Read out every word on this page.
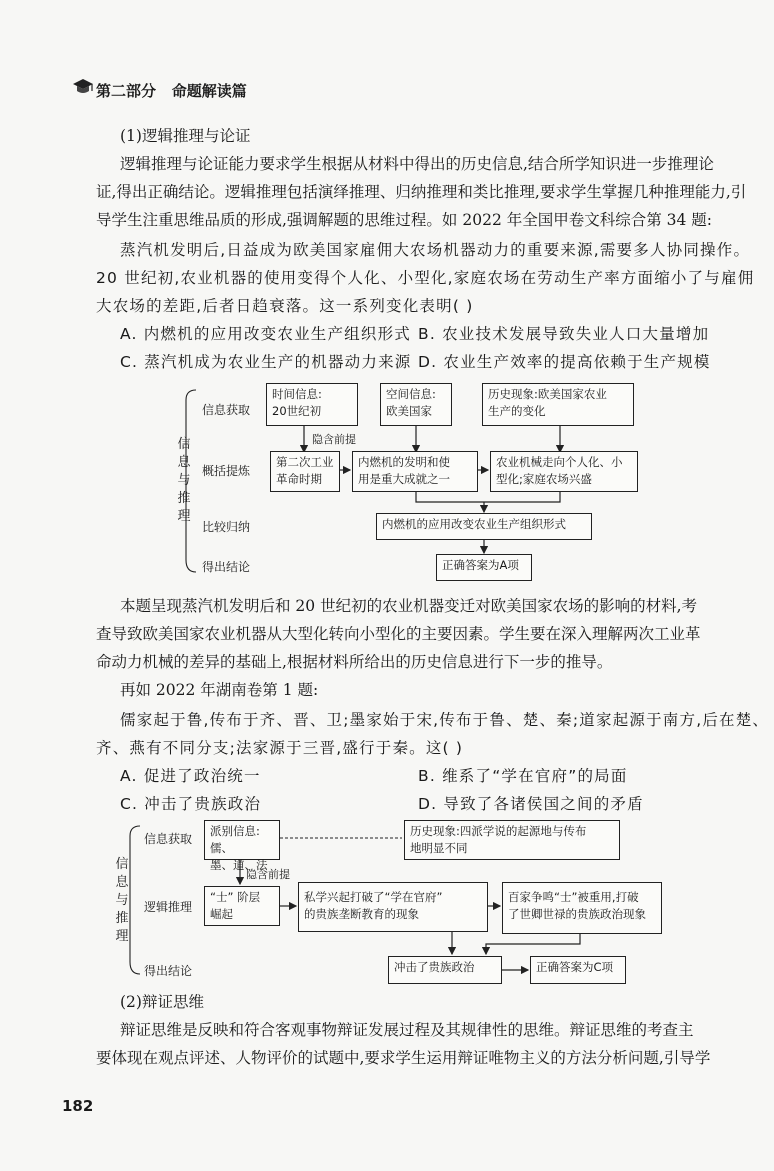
第二部分 命题解读篇

(1)逻辑推理与论证

逻辑推理与论证能力要求学生根据从材料中得出的历史信息,结合所学知识进一步推理论

证,得出正确结论。逻辑推理包括演绎推理、归纳推理和类比推理,要求学生掌握几种推理能力,引

导学生注重思维品质的形成,强调解题的思维过程。如 2022 年全国甲卷文科综合第 34 题:

蒸汽机发明后,日益成为欧美国家雇佣大农场机器动力的重要来源,需要多人协同操作。

20 世纪初,农业机器的使用变得个人化、小型化,家庭农场在劳动生产率方面缩小了与雇佣

大农场的差距,后者日趋衰落。这一系列变化表明( )

A. 内燃机的应用改变农业生产组织形式 B. 农业技术发展导致失业人口大量增加

C. 蒸汽机成为农业生产的机器动力来源 D. 农业生产效率的提高依赖于生产规模

信
息
与
推
理
信息获取
概括提炼
比较归纳
得出结论
时间信息:
20世纪初
空间信息:
欧美国家
历史现象:欧美国家农业
生产的变化
隐含前提
第二次工业
革命时期
内燃机的发明和使
用是重大成就之一
农业机械走向个人化、小
型化;家庭农场兴盛
内燃机的应用改变农业生产组织形式
正确答案为A项

本题呈现蒸汽机发明后和 20 世纪初的农业机器变迁对欧美国家农场的影响的材料,考

查导致欧美国家农业机器从大型化转向小型化的主要因素。学生要在深入理解两次工业革

命动力机械的差异的基础上,根据材料所给出的历史信息进行下一步的推导。

再如 2022 年湖南卷第 1 题:

儒家起于鲁,传布于齐、晋、卫;墨家始于宋,传布于鲁、楚、秦;道家起源于南方,后在楚、

齐、燕有不同分支;法家源于三晋,盛行于秦。这( )

A. 促进了政治统一	B. 维系了“学在官府”的局面

C. 冲击了贵族政治	D. 导致了各诸侯国之间的矛盾

信
息
与
推
理
信息获取
逻辑推理
得出结论
派别信息:儒、
墨、道、法
历史现象:四派学说的起源地与传布
地明显不同
隐含前提
“士” 阶层
崛起
私学兴起打破了“学在官府”
的贵族垄断教育的现象
百家争鸣“士”被重用,打破
了世卿世禄的贵族政治现象
冲击了贵族政治	正确答案为C项

(2)辩证思维

辩证思维是反映和符合客观事物辩证发展过程及其规律性的思维。辩证思维的考查主

要体现在观点评述、人物评价的试题中,要求学生运用辩证唯物主义的方法分析问题,引导学

182
